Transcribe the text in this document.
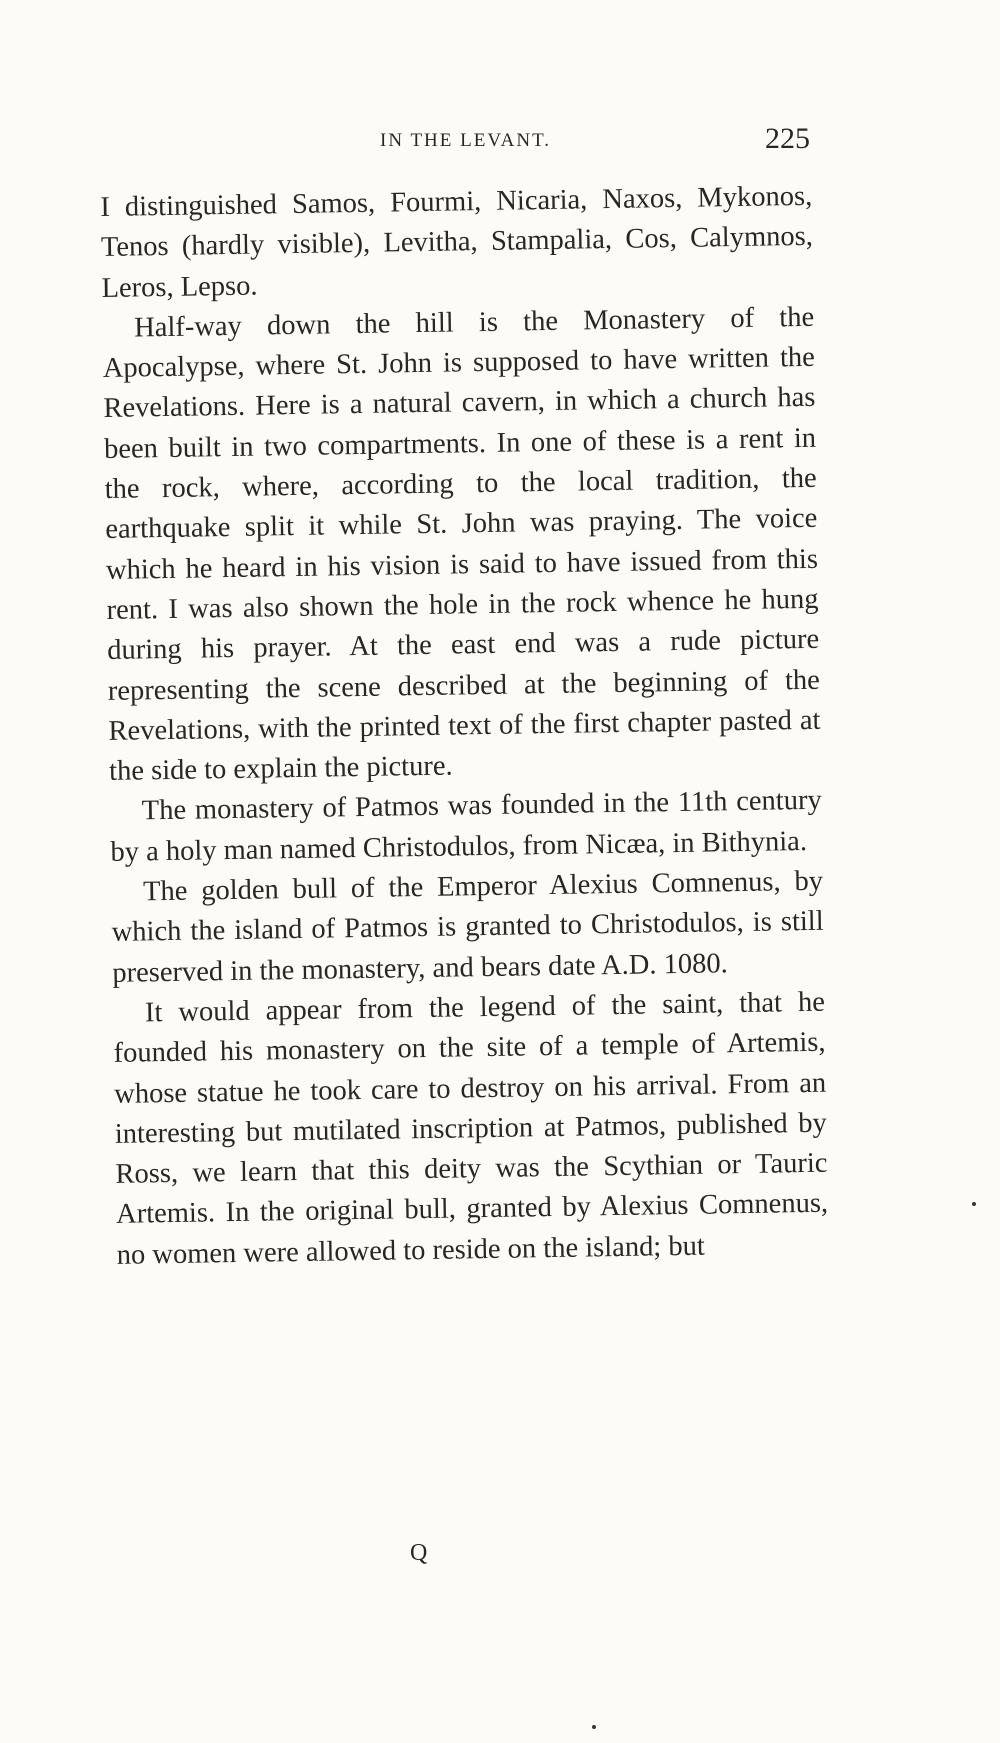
IN THE LEVANT.	225

I distinguished Samos, Fourmi, Nicaria, Naxos, Mykonos, Tenos (hardly visible), Levitha, Stampalia, Cos, Calymnos, Leros, Lepso.

Half-way down the hill is the Monastery of the Apocalypse, where St. John is supposed to have written the Revelations. Here is a natural cavern, in which a church has been built in two compartments. In one of these is a rent in the rock, where, according to the local tradition, the earthquake split it while St. John was praying. The voice which he heard in his vision is said to have issued from this rent. I was also shown the hole in the rock whence he hung during his prayer. At the east end was a rude picture representing the scene described at the beginning of the Revelations, with the printed text of the first chapter pasted at the side to explain the picture.

The monastery of Patmos was founded in the 11th century by a holy man named Christodulos, from Nicæa, in Bithynia.

The golden bull of the Emperor Alexius Comnenus, by which the island of Patmos is granted to Christodulos, is still preserved in the monastery, and bears date A.D. 1080.

It would appear from the legend of the saint, that he founded his monastery on the site of a temple of Artemis, whose statue he took care to destroy on his arrival. From an interesting but mutilated inscription at Patmos, published by Ross, we learn that this deity was the Scythian or Tauric Artemis. In the original bull, granted by Alexius Comnenus, no women were allowed to reside on the island; but

Q
